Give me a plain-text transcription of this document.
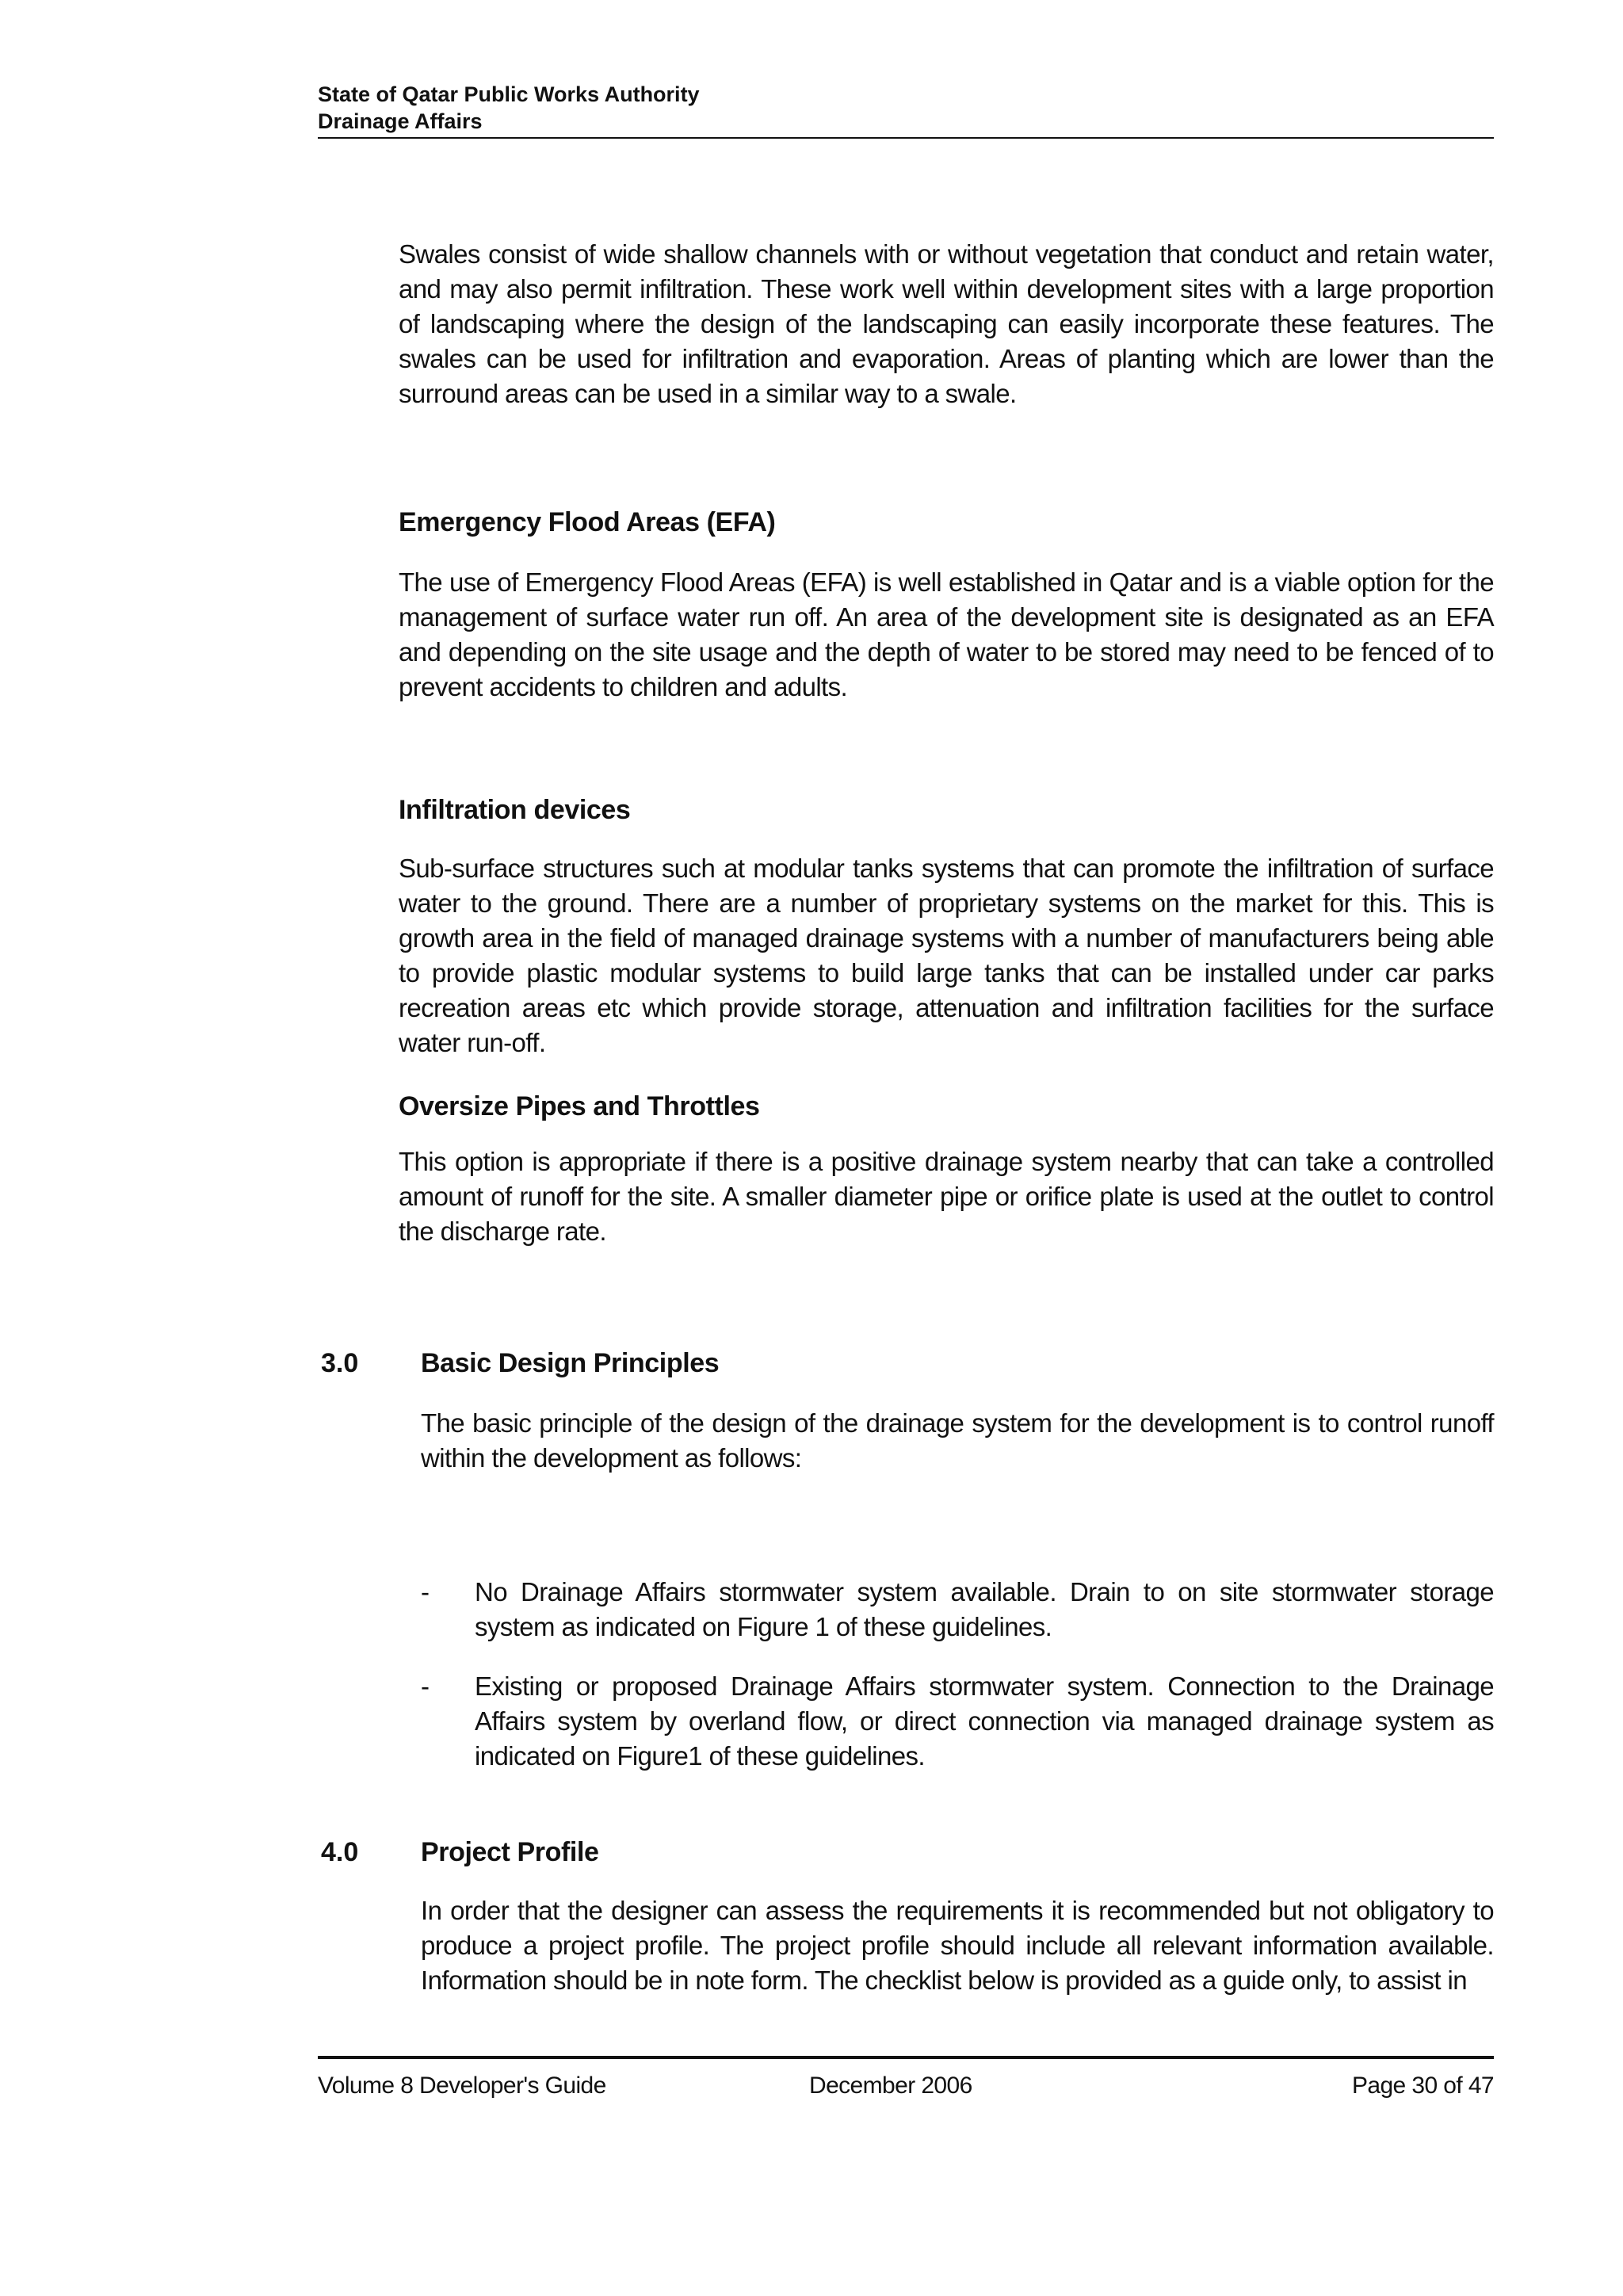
State of Qatar Public Works Authority
Drainage Affairs

Swales consist of wide shallow channels with or without vegetation that conduct and retain water, and may also permit infiltration. These work well within development sites with a large proportion of landscaping where the design of the landscaping can easily incorporate these features. The swales can be used for infiltration and evaporation. Areas of planting which are lower than the surround areas can be used in a similar way to a swale.

Emergency Flood Areas (EFA)

The use of Emergency Flood Areas (EFA) is well established in Qatar and is a viable option for the management of surface water run off. An area of the development site is designated as an EFA and depending on the site usage and the depth of water to be stored may need to be fenced of to prevent accidents to children and adults.

Infiltration devices

Sub-surface structures such at modular tanks systems that can promote the infiltration of surface water to the ground. There are a number of proprietary systems on the market for this. This is growth area in the field of managed drainage systems with a number of manufacturers being able to provide plastic modular systems to build large tanks that can be installed under car parks recreation areas etc which provide storage, attenuation and infiltration facilities for the surface water run-off.

Oversize Pipes and Throttles

This option is appropriate if there is a positive drainage system nearby that can take a controlled amount of runoff for the site. A smaller diameter pipe or orifice plate is used at the outlet to control the discharge rate.

3.0 Basic Design Principles

The basic principle of the design of the drainage system for the development is to control runoff within the development as follows:

- No Drainage Affairs stormwater system available. Drain to on site stormwater storage system as indicated on Figure 1 of these guidelines.

- Existing or proposed Drainage Affairs stormwater system. Connection to the Drainage Affairs system by overland flow, or direct connection via managed drainage system as indicated on Figure1 of these guidelines.

4.0 Project Profile

In order that the designer can assess the requirements it is recommended but not obligatory to produce a project profile. The project profile should include all relevant information available. Information should be in note form. The checklist below is provided as a guide only, to assist in

Volume 8 Developer's Guide	December 2006	Page 30 of 47
